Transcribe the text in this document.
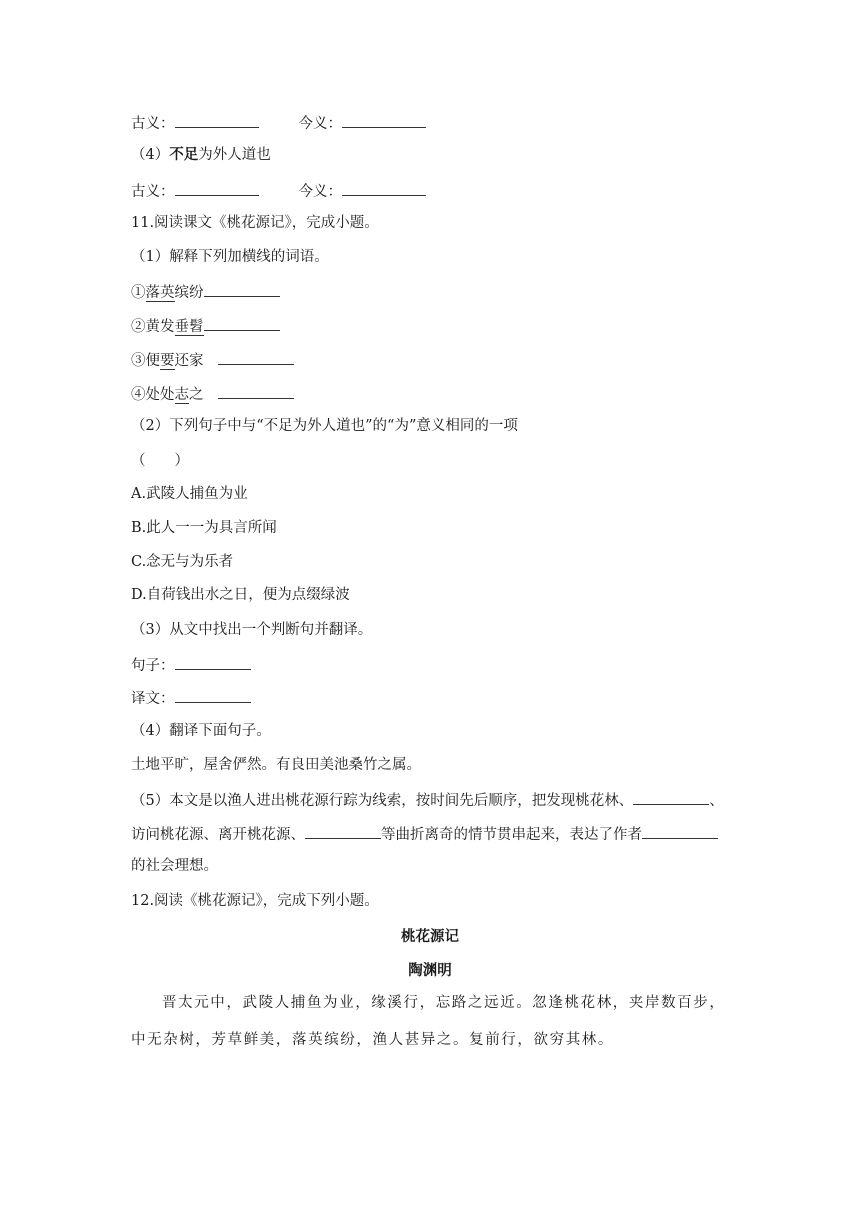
古义：	今义：
（4）不足为外人道也
古义：	今义：
11.阅读课文《桃花源记》，完成小题。
（1）解释下列加横线的词语。
①落英缤纷
②黄发垂髫
③便要还家
④处处志之
（2）下列句子中与“不足为外人道也”的“为”意义相同的一项
（　　）
A.武陵人捕鱼为业
B.此人一一为具言所闻
C.念无与为乐者
D.自荷钱出水之日，便为点缀绿波
（3）从文中找出一个判断句并翻译。
句子：
译文：
（4）翻译下面句子。
土地平旷，屋舍俨然。有良田美池桑竹之属。
（5）本文是以渔人进出桃花源行踪为线索，按时间先后顺序，把发现桃花林、	、
访问桃花源、离开桃花源、	等曲折离奇的情节贯串起来，表达了作者
的社会理想。
12.阅读《桃花源记》，完成下列小题。
桃花源记
陶渊明
晋太元中，武陵人捕鱼为业，缘溪行，忘路之远近。忽逢桃花林，夹岸数百步，中无杂树，芳草鲜美，落英缤纷，渔人甚异之。复前行，欲穷其林。
